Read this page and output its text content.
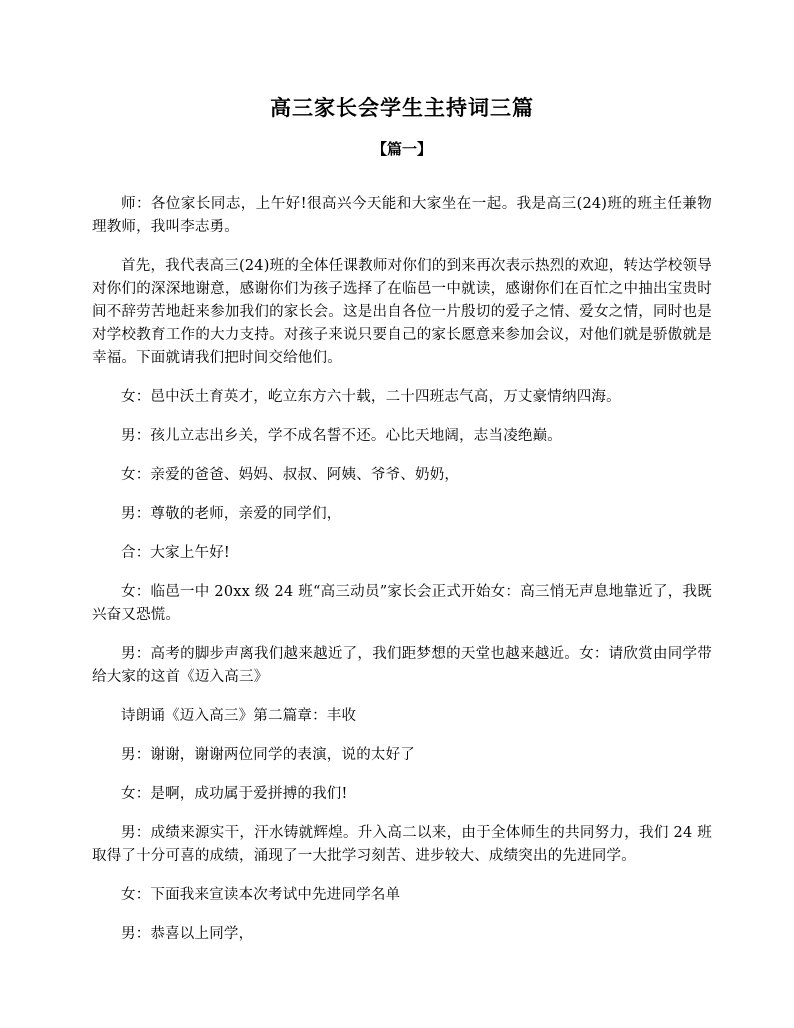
高三家长会学生主持词三篇
【篇一】

师：各位家长同志，上午好!很高兴今天能和大家坐在一起。我是高三(24)班的班主任兼物理教师，我叫李志勇。

首先，我代表高三(24)班的全体任课教师对你们的到来再次表示热烈的欢迎，转达学校领导对你们的深深地谢意，感谢你们为孩子选择了在临邑一中就读，感谢你们在百忙之中抽出宝贵时间不辞劳苦地赶来参加我们的家长会。这是出自各位一片殷切的爱子之情、爱女之情，同时也是对学校教育工作的大力支持。对孩子来说只要自己的家长愿意来参加会议，对他们就是骄傲就是幸福。下面就请我们把时间交给他们。

女：邑中沃土育英才，屹立东方六十载，二十四班志气高，万丈豪情纳四海。

男：孩儿立志出乡关，学不成名誓不还。心比天地阔，志当凌绝巅。

女：亲爱的爸爸、妈妈、叔叔、阿姨、爷爷、奶奶，

男：尊敬的老师，亲爱的同学们，

合：大家上午好!

女：临邑一中 20xx 级 24 班“高三动员”家长会正式开始女：高三悄无声息地靠近了，我既兴奋又恐慌。

男：高考的脚步声离我们越来越近了，我们距梦想的天堂也越来越近。女：请欣赏由同学带给大家的这首《迈入高三》

诗朗诵《迈入高三》第二篇章：丰收

男：谢谢，谢谢两位同学的表演，说的太好了

女：是啊，成功属于爱拼搏的我们!

男：成绩来源实干，汗水铸就辉煌。升入高二以来，由于全体师生的共同努力，我们 24 班取得了十分可喜的成绩，涌现了一大批学习刻苦、进步较大、成绩突出的先进同学。

女：下面我来宣读本次考试中先进同学名单

男：恭喜以上同学，
